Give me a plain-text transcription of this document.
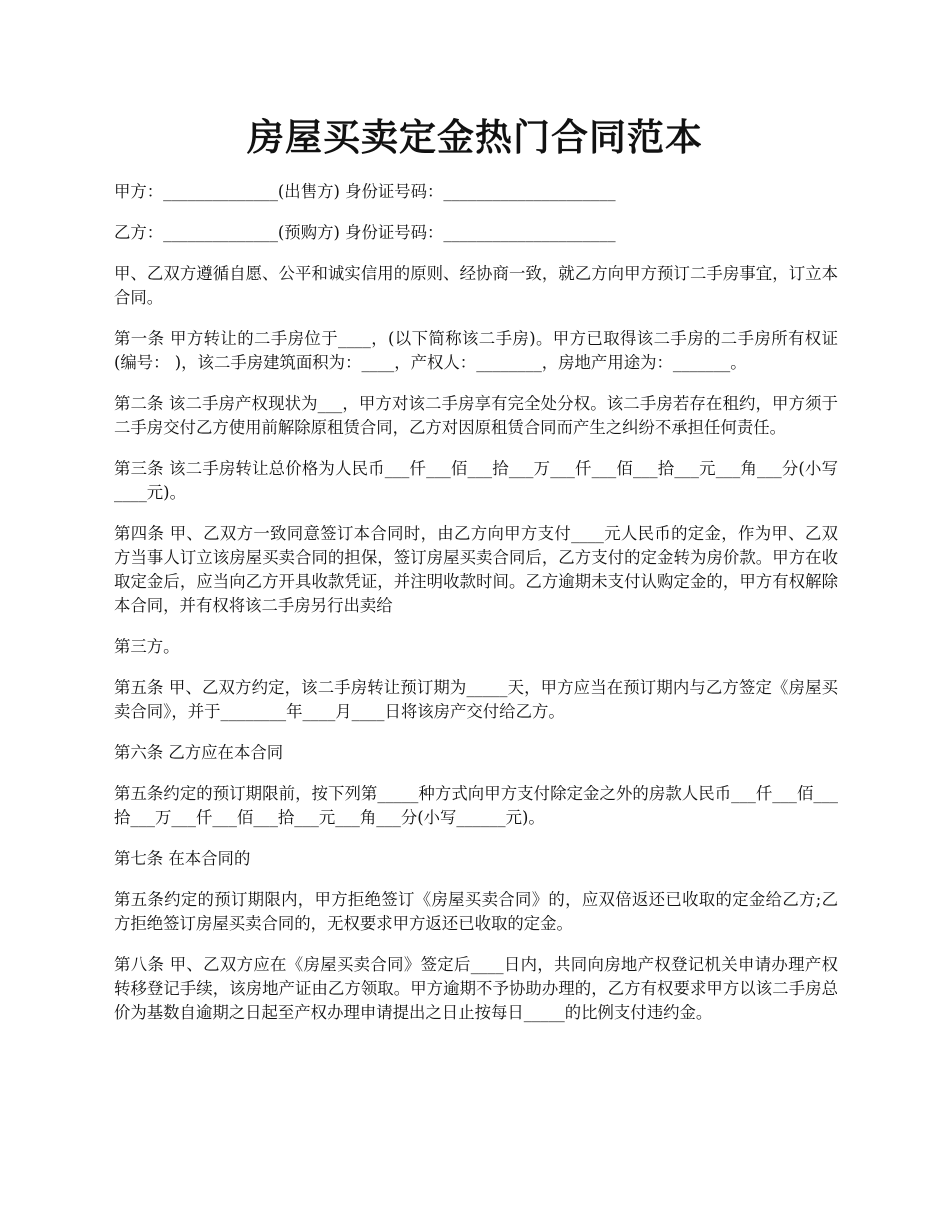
房屋买卖定金热门合同范本

甲方：______________(出售方) 身份证号码：_____________________

乙方：______________(预购方) 身份证号码：_____________________

甲、乙双方遵循自愿、公平和诚实信用的原则、经协商一致，就乙方向甲方预订二手房事宜，订立本合同。

第一条 甲方转让的二手房位于____，(以下简称该二手房)。甲方已取得该二手房的二手房所有权证(编号： )，该二手房建筑面积为：____，产权人：________，房地产用途为：_______。

第二条 该二手房产权现状为___，甲方对该二手房享有完全处分权。该二手房若存在租约，甲方须于二手房交付乙方使用前解除原租赁合同，乙方对因原租赁合同而产生之纠纷不承担任何责任。

第三条 该二手房转让总价格为人民币___仟___佰___拾___万___仟___佰___拾___元___角___分(小写____元)。

第四条 甲、乙双方一致同意签订本合同时，由乙方向甲方支付____元人民币的定金，作为甲、乙双方当事人订立该房屋买卖合同的担保，签订房屋买卖合同后，乙方支付的定金转为房价款。甲方在收取定金后，应当向乙方开具收款凭证，并注明收款时间。乙方逾期未支付认购定金的，甲方有权解除本合同，并有权将该二手房另行出卖给

第三方。

第五条 甲、乙双方约定，该二手房转让预订期为_____天，甲方应当在预订期内与乙方签定《房屋买卖合同》，并于________年____月____日将该房产交付给乙方。

第六条 乙方应在本合同

第五条约定的预订期限前，按下列第_____种方式向甲方支付除定金之外的房款人民币___仟___佰___拾___万___仟___佰___拾___元___角___分(小写______元)。

第七条 在本合同的

第五条约定的预订期限内，甲方拒绝签订《房屋买卖合同》的，应双倍返还已收取的定金给乙方;乙方拒绝签订房屋买卖合同的，无权要求甲方返还已收取的定金。

第八条 甲、乙双方应在《房屋买卖合同》签定后____日内，共同向房地产权登记机关申请办理产权转移登记手续，该房地产证由乙方领取。甲方逾期不予协助办理的，乙方有权要求甲方以该二手房总价为基数自逾期之日起至产权办理申请提出之日止按每日_____的比例支付违约金。
